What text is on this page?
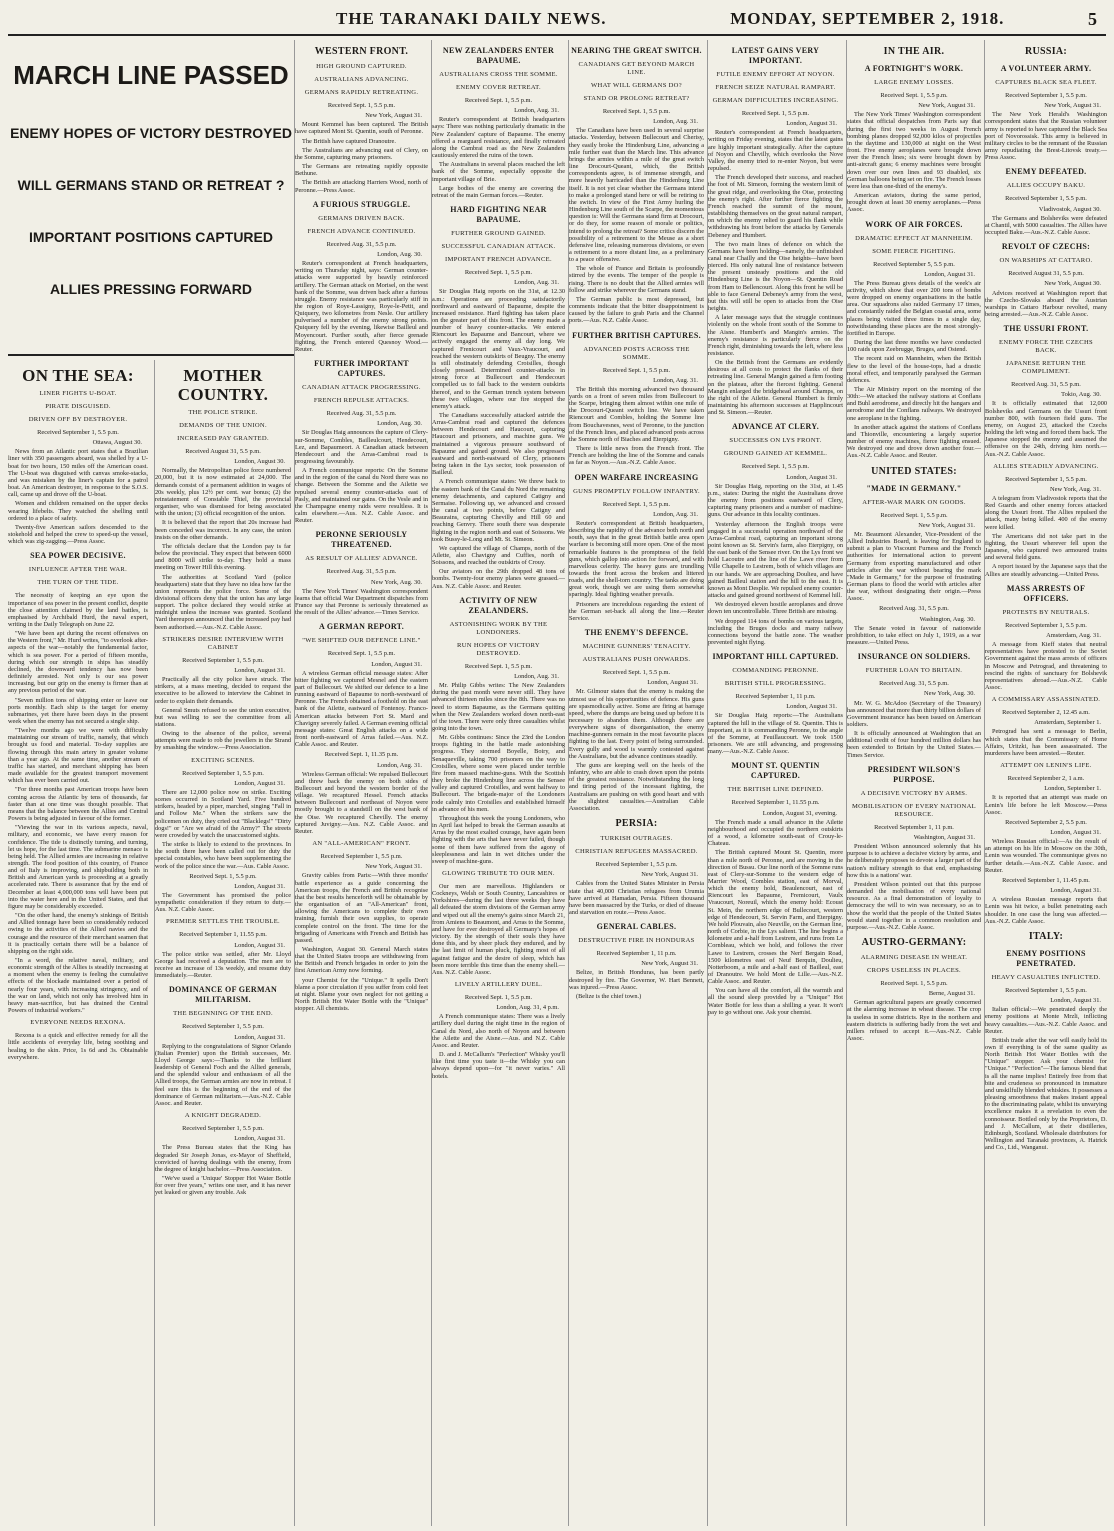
THE TARANAKI DAILY NEWS.	MONDAY, SEPTEMBER 2, 1918.	5
MARCH LINE PASSED
ENEMY HOPES OF VICTORY DESTROYED
WILL GERMANS STAND OR RETREAT ?
IMPORTANT POSITIONS CAPTURED
ALLIES PRESSING FORWARD
ON THE SEA:
LINER FIGHTS U-BOAT.
PIRATE DISGUISED.
DRIVEN OFF BY DESTROYER.
Received September 1, 5.5 p.m.
Ottawa, August 30.

News from an Atlantic port states that a Brazilian liner with 350 passengers aboard, was shelled by a U-boat for two hours, 150 miles off the American coast. The U-boat was disguised with canvas smoke-stacks, and was mistaken by the liner's captain for a patrol boat. An American destroyer, in response to the S.O.S. call, came up and drove off the U-boat.

Women and children remained on the upper decks wearing lifebelts. They watched the shelling until ordered to a place of safety.

Twenty-five American sailors descended to the stokehold and helped the crew to speed-up the vessel, which was zig-zagging.—Press Assoc.

SEA POWER DECISIVE.
INFLUENCE AFTER THE WAR.
THE TURN OF THE TIDE.

The necessity of keeping an eye upon the importance of sea power in the present conflict, despite the close attention claimed by the land battles, is emphasised by Archibald Hurd, the naval expert, writing in the Daily Telegraph on June 22.

"We have been apt during the recent offensives on the Western front," Mr. Hurd writes, "to overlook after-aspects of the war—notably the fundamental factor, which is sea power. For a period of fifteen months, during which our strength in ships has steadily declined, the downward tendency has now been definitely arrested. Not only is our sea power increasing, but our grip on the enemy is firmer than at any previous period of the war.

"Seven million tons of shipping enter or leave our ports monthly. Each ship is the target for enemy submarines, yet there have been days in the present week when the enemy has not secured a single ship.

"Twelve months ago we were with difficulty maintaining our stream of traffic, namely, that which brought us food and material. To-day supplies are flowing through this main artery in greater volume than a year ago. At the same time, another stream of traffic has started, and merchant shipping has been made available for the greatest transport movement which has ever been carried out.

"For three months past American troops have been coming across the Atlantic by tens of thousands, far faster than at one time was thought possible. That means that the balance between the Allies and Central Powers is being adjusted in favour of the former.

"Viewing the war in its various aspects, naval, military, and economic, we have every reason for confidence. The tide is distinctly turning, and turning, let us hope, for the last time. The submarine menace is being held. The Allied armies are increasing in relative strength. The food position of this country, of France and of Italy is improving, and shipbuilding both in British and American yards is proceeding at a greatly accelerated rate. There is assurance that by the end of December at least 4,000,000 tons will have been put into the water here and in the United States, and that figure may be considerably exceeded.

"On the other hand, the enemy's sinkings of British and Allied tonnage have been so considerably reduced owing to the activities of the Allied navies and the courage and the resource of their merchant seamen that it is practically certain there will be a balance of shipping on the right side.

"In a word, the relative naval, military, and economic strength of the Allies is steadily increasing at a moment when the enemy is feeling the cumulative effects of the blockade maintained over a period of nearly four years, with increasing stringency, and of the war on land, which not only has involved him in heavy man-sacrifice, but has drained the Central Powers of industrial workers."

EVERYONE NEEDS REXONA.

Rexona is a quick and effective remedy for all the little accidents of everyday life, being soothing and healing to the skin. Price, 1s 6d and 3s. Obtainable everywhere.

MOTHER COUNTRY.
THE POLICE STRIKE.
DEMANDS OF THE UNION.
INCREASED PAY GRANTED.
Received August 31, 5.5 p.m.
London, August 30.

Normally, the Metropolitan police force numbered 20,000, but it is now estimated at 24,000. The demands consist of a permanent addition in wages of 20s weekly, plus 12½ per cent. war bonus; (2) the reinstatement of Constable Thiel, the provincial organiser, who was dismissed for being associated with the union; (3) official recognition of the union.

It is believed that the report that 20s increase had been conceded was incorrect. In any case, the union insists on the other demands.

The officials declare that the London pay is far below the provincial. They expect that between 6000 and 8000 will strike to-day. They hold a mass meeting on Tower Hill this evening.

The authorities at Scotland Yard (police headquarters) state that they have no idea how far the union represents the police force. Some of the divisional officers deny that the union has any large support. The police declared they would strike at midnight unless the increase was granted. Scotland Yard thereupon announced that the increased pay had been authorised.—Aus.-N.Z. Cable Assoc.

STRIKERS DESIRE INTERVIEW WITH CABINET
Received September 1, 5.5 p.m.
London, August 31.

Practically all the city police have struck. The strikers, at a mass meeting, decided to request the executive to be allowed to interview the Cabinet in order to explain their demands.

General Smuts refused to see the union executive, but was willing to see the committee from all stations.

Owing to the absence of the police, several attempts were made to rob the jewellers in the Strand by smashing the window.—Press Association.

EXCITING SCENES.
Received September 1, 5.5 p.m.
London, August 31.

There are 12,000 police now on strike. Exciting scenes occurred in Scotland Yard. Five hundred strikers, headed by a piper, marched, singing "Fall in and Follow Me." When the strikers saw the policemen on duty, they cried out "Blacklegs!" "Dirty dogs!" or "Are we afraid of the Army?" The streets were crowded by watch the unaccustomed sights.

The strike is likely to extend to the provinces. In the south there have been called out for duty the special constables, who have been supplementing the work of the police since the war.—Aus. Cable Assoc.

Received Sept. 1, 5.5 p.m.
London, August 31.

The Government has promised the police sympathetic consideration if they return to duty.—Aus. N.Z. Cable Assoc.

PREMIER SETTLES THE TROUBLE.
Received September 1, 11.55 p.m.
London, August 31.

The police strike was settled, after Mr. Lloyd George had received a deputation. The men are to receive an increase of 13s weekly, and resume duty immediately.—Reuter.

DOMINANCE OF GERMAN MILITARISM.
THE BEGINNING OF THE END.
Received September 1, 5.5 p.m.
London, August 31.

Replying to the congratulations of Signor Orlando (Italian Premier) upon the British successes, Mr. Lloyd George says:—Thanks to the brilliant leadership of General Foch and the Allied generals, and the splendid valour and enthusiasm of all the Allied troops, the German armies are now in retreat. I feel sure this is the beginning of the end of the dominance of German militarism.—Aus.-N.Z. Cable Assoc. and Reuter.

A KNIGHT DEGRADED.
Received September 1, 5.5 p.m.
London, August 31.

The Press Bureau states that the King has degraded Sir Joseph Jonas, ex-Mayor of Sheffield, convicted of having dealings with the enemy, from the degree of knight bachelor.—Press Association.

"We've used a 'Unique' Stopper Hot Water Bottle for over five years," writes one user, and it has never yet leaked or given any trouble. Ask

WESTERN FRONT.
HIGH GROUND CAPTURED.
AUSTRALIANS ADVANCING.
GERMANS RAPIDLY RETREATING.
Received Sept. 1, 5.5 p.m.
New York, August 31.

Mount Kemmel has been captured. The British have captured Mont St. Quentin, south of Peronne.

The British have captured Dranoutre.

The Australians are advancing east of Clery, on the Somme, capturing many prisoners.

The Germans are retreating rapidly opposite Bethune.

The British are attacking Harriers Wood, north of Peronne.—Press Assoc.

A FURIOUS STRUGGLE.
GERMANS DRIVEN BACK.
FRENCH ADVANCE CONTINUED.
Received Aug. 31, 5.5 p.m.
London, Aug. 30.

Reuter's correspondent at French headquarters, writing on Thursday night, says: German counter-attacks were supported by heavily reinforced artillery. The German attack on Morisel, on the west bank of the Somme, was driven back after a furious struggle. Enemy resistance was particularly stiff in the region of Roye-Lassigny, Roye-le-Petit, and Quiquery, two kilometres from Nesle. Our artillery pulverised a number of the enemy strong points. Quiquery fell by the evening, likewise Bailleul and Moyencourt. Further south, after fierce grenade fighting, the French entered Quesnoy Wood.—Reuter.

FURTHER IMPORTANT CAPTURES.
CANADIAN ATTACK PROGRESSING.
FRENCH REPULSE ATTACKS.
Received Aug. 31, 5.5 p.m.
London, Aug. 30.

Sir Douglas Haig announces the capture of Clery-sur-Somme, Combles, Bailleulcourt, Hendecourt, Lez, and Bapaumeort. A Canadian attack between Hendecourt and the Arras-Cambrai road is progressing favourably.

A French communique reports: On the Somme and in the region of the canal du Nord there was no change. Between the Somme and the Ailette we repulsed several enemy counter-attacks east of Pasly, and maintained our gains. On the Vesle and in the Champagne enemy raids were resultless. It is calm elsewhere.—Aus. N.Z. Cable Assoc. and Reuter.

PERONNE SERIOUSLY THREATENED.
AS RESULT OF ALLIES' ADVANCE.
Received Aug. 31, 5.5 p.m.
New York, Aug. 30.

The New York Times' Washington correspondent learns that official War Department dispatches from France say that Peronne is seriously threatened as the result of the Allies' advance.—Times Service.

A GERMAN REPORT.
"WE SHIFTED OUR DEFENCE LINE."
Received Sept. 1, 5.5 p.m.
London, August 31.

A wireless German official message states: After bitter fighting we captured Mesnel and the eastern part of Bullecourt. We shifted our defence to a line running eastward of Bapaume to north-westward of Peronne. The French obtained a foothold on the east bank of the Ailette, eastward of Fontenoy. Franco-American attacks between Fort St. Mard and Chavigny severely failed. A German evening official message states: Great English attacks on a wide front north-eastward of Arras failed.—Aus. N.Z. Cable Assoc. and Reuter.

Received Sept. 1, 11.35 p.m.
London, Aug. 31.

Wireless German official: We repulsed Bullecourt and threw back the enemy on both sides of Bullecourt and beyond the western border of the village. We recaptured Hessel. French attacks between Bullecourt and northeast of Noyon were mostly brought to a standstill on the west bank of the Oise. We recaptured Chevilly. The enemy captured Juvigny.—Aus. N.Z. Cable Assoc. and Reuter.

AN "ALL-AMERICAN" FRONT.
Received September 1, 5.5 p.m.
New York, August 31.

Gravity cables from Paris:—With three months' battle experience as a guide concerning the American troops, the French and British recognise that the best results henceforth will be obtainable by the organisation of an "All-American" front, allowing the Americans to complete their own training, furnish their own supplies, to operate complete control on the front. The time for the brigading of Americans with French and British has passed.

Washington, August 30. General March states that the United States troops are withdrawing from the British and French brigades in order to join the first American Army now forming.

your Chemist for the "Unique." It spells Don't blame a poor circulation if you suffer from cold feet at night. Blame your own neglect for not getting a North British Hot Water Bottle with the "Unique" stopper. All chemists.

NEW ZEALANDERS ENTER BAPAUME.
AUSTRALIANS CROSS THE SOMME.
ENEMY COVER RETREAT.
Received Sept. 1, 5.5 p.m.
London, Aug. 31.

Reuter's correspondent at British headquarters says: There was nothing particularly dramatic in the New Zealanders' capture of Bapaume. The enemy offered a rearguard resistance, and finally retreated along the Cambrai road as the New Zealanders cautiously entered the ruins of the town.

The Australians in several places reached the left bank of the Somme, especially opposite the important village of Brie.

Large bodies of the enemy are covering the retreat of the main German forces.—Reuter.

HARD FIGHTING NEAR BAPAUME.
FURTHER GROUND GAINED.
SUCCESSFUL CANADIAN ATTACK.
IMPORTANT FRENCH ADVANCE.
Received Sept. 1, 5.5 p.m.
London, Aug. 31.

Sir Douglas Haig reports on the 31st, at 12.30 a.m.: Operations are proceeding satisfactorily northward and eastward of Bapaume, despite the increased resistance. Hard fighting has taken place on the greater part of this front. The enemy made a number of heavy counter-attacks. We entered Riencourt les Bapaume and Bancourt, where we actively engaged the enemy all day long. We captured Frenicourt and Vaux-Vraucourt, and reached the western outskirts of Beugny. The enemy is still obstinately defending Croisilles, though closely pressed. Determined counter-attacks in strong force at Bullecourt and Hendecourt compelled us to fall back to the western outskirts thereof, and to the German trench system between these two villages, where our fire stopped the enemy's attack.

The Canadians successfully attacked astride the Arras-Cambrai road and captured the defences between Hendecourt and Haucourt, capturing Haucourt and prisoners, and machine guns. We maintained a vigorous pressure southward of Bapaume and gained ground. We also progressed eastward and north-eastward of Clery, prisoners being taken in the Lys sector, took possession of Bailleul.

A French communique states: We threw back to the eastern bank of the Canal du Nord the remaining enemy detachments, and captured Catigny and Sermaise. Following up, we advanced and crossed the canal at two points, before Catigny and Beaurains, capturing Chevilly and Hill 60 and reaching Genvry. There south there was desperate fighting in the region north and east of Soissons. We took Bussy-le-Long and Mt. St. Simeon.

We captured the village of Champs, north of the Ailette, also Chavigny and Cuffies, north of Soissons, and reached the outskirts of Crouy.

Our aviators on the 29th dropped 48 tons of bombs. Twenty-four enemy planes were grassed.—Aus. N.Z. Cable Assoc. and Reuter.

ACTIVITY OF NEW ZEALANDERS.
ASTONISHING WORK BY THE LONDONERS.
RUN HOPES OF VICTORY DESTROYED.
Received Sept. 1, 5.5 p.m.
London, Aug. 31.

Mr. Philip Gibbs writes: The New Zealanders during the past month were never still. They have advanced thirteen miles since the 8th. There was no need to storm Bapaume, as the Germans quitting when the New Zealanders worked down north-east of the town. There were only three casualties whilst going into the town.

Mr. Gibbs continues: Since the 23rd the London troops fighting in the battle made astonishing progress. They stormed Boyelle, Boiry, and Senaqueville, taking 700 prisoners on the way to Croisilles, where some were placed under terrible fire from massed machine-guns. With the Scottish they broke the Hindenburg line across the Sensee valley and captured Croisilles, and went halfway to Bullecourt. The brigade-major of the Londoners rode calmly into Croisilles and established himself in advance of his men.

Throughout this week the young Londoners, who in April last helped to break the German assaults at Arras by the most exalted courage, have again been fighting with the arts that have never failed, though some of them have suffered from the agony of sleeplessness and lain in wet ditches under the sweep of machine-guns.

GLOWING TRIBUTE TO OUR MEN.

Our men are marvellous. Highlanders or Cockneys, Welsh or South Country, Lancashires or Yorkshires—during the last three weeks they have all defeated the storm divisions of the German army and wiped out all the enemy's gains since March 21, from Amiens to Beaumont, and Arras to the Somme, and have for ever destroyed all Germany's hopes of victory. By the strength of their souls they have done this, and by sheer pluck they endured, and by the last limit of human pluck, fighting most of all against fatigue and the desire of sleep, which has been more terrible this time than the enemy shell.—Aus. N.Z. Cable Assoc.

LIVELY ARTILLERY DUEL.
Received Sept. 1, 5.5 p.m.
London, Aug. 31, 4 p.m.

A French communique states: There was a lively artillery duel during the night time in the region of Canal du Nord, also north of Noyon and between the Ailette and the Aisne.—Aus. and N.Z. Cable Assoc. and Reuter.

D. and J. McCallum's "Perfection" Whisky you'll like first time you taste it—the Whisky you can always depend upon—for "it never varies." All hotels.

NEARING THE GREAT SWITCH.
CANADIANS GET BEYOND MARCH LINE.
WHAT WILL GERMANS DO?
STAND OR PROLONG RETREAT?
Received Sept. 1, 5.5 p.m.
London, Aug. 31.

The Canadians have been used in several surprise attacks. Yesterday, between Bullecourt and Cherisy, they easily broke the Hindenburg Line, advancing a mile further east than the March line. This advance brings the armies within a mile of the great switch line Drocourt-Queant, which, the British correspondents agree, is of immense strength, and more heavily barricaded than the Hindenburg Line itself. It is not yet clear whether the Germans intend to make a prolonged stand here or will be retiring to the switch. In view of the First Army hurling the Hindenburg Line south of the Scarpe, the momentous question is: Will the Germans stand firm at Drocourt, or do they, for some reason of morale or politics, intend to prolong the retreat? Some critics discern the possibility of a retirement to the Meuse as a short defensive line, releasing numerous divisions, or even a retirement to a more distant line, as a preliminary to a peace offensive.

The whole of France and Britain is profoundly stirred by the events. The temper of the people is rising. There is no doubt that the Allied armies will follow and strike wherever the Germans stand.

The German public is most depressed, but comments indicate that the bitter disappointment is caused by the failure to grab Paris and the Channel ports.—Aus. N.Z. Cable Assoc.

FURTHER BRITISH CAPTURES.
ADVANCED POSTS ACROSS THE SOMME.
Received Sept. 1, 5.5 p.m.
London, Aug. 31.

The British this morning advanced two thousand yards on a front of seven miles from Bullecourt to the Scarpe, bringing them almost within one mile of the Drocourt-Queant switch line. We have taken Riencourt and Combles, holding the Somme line from Bouchavesnes, west of Peronne, to the junction of the French lines, and placed advanced posts across the Somme north of Biaches and Eterpigny.

There is little news from the French front. The French are holding the line of the Somme and canals as far as Noyon.—Aus.-N.Z. Cable Assoc.

OPEN WARFARE INCREASING
GUNS PROMPTLY FOLLOW INFANTRY.
Received Sept. 1, 5.5 p.m.
London, Aug. 31.

Reuter's correspondent at British headquarters, describing the rapidity of the advance both north and south, says that in the great British battle area open warfare is becoming still more open. One of the most remarkable features is the promptness of the field guns, which gallop into action for forward, and with marvellous celerity. The heavy guns are trundling towards the front across the broken and littered roads, and the shell-torn country. The tanks are doing great work, though we are using them somewhat sparingly. Ideal fighting weather prevails.

Prisoners are incredulous regarding the extent of the German set-back all along the line.—Reuter Service.

THE ENEMY'S DEFENCE.
MACHINE GUNNERS' TENACITY.
AUSTRALIANS PUSH ONWARDS.
Received Sept. 1, 5.5 p.m.
London, August 31.

Mr. Gilmour states that the enemy is making the utmost use of his opportunities of defence. His guns are spasmodically active. Some are firing at barrage speed, where the dumps are being used up before it is necessary to abandon them. Although there are everywhere signs of disorganisation, the enemy machine-gunners remain in the most favourite places fighting to the last. Every point of being surrounded. Every gully and wood is warmly contested against the Australians, but the advance continues steadily.

The guns are keeping well on the heels of the infantry, who are able to crash down upon the points of the greatest resistance. Notwithstanding the long and tiring period of the incessant fighting, the Australians are pushing on with good heart and with the slightest casualties.—Australian Cable Association.

PERSIA:
TURKISH OUTRAGES.
CHRISTIAN REFUGEES MASSACRED.
Received September 1, 5.5 p.m.
New York, August 31.

Cables from the United States Minister in Persia state that 40,000 Christian refugees from Urumia have arrived at Hamadan, Persia. Fifteen thousand have been massacred by the Turks, or died of disease and starvation en route.—Press Assoc.

GENERAL CABLES.
DESTRUCTIVE FIRE IN HONDURAS
Received September 1, 11 p.m.
New York, August 31.

Belize, in British Honduras, has been partly destroyed by fire. The Governor, W. Hart Bennett, was injured.—Press Assoc.

(Belize is the chief town.)

LATEST GAINS VERY IMPORTANT.
FUTILE ENEMY EFFORT AT NOYON.
FRENCH SEIZE NATURAL RAMPART.
GERMAN DIFFICULTIES INCREASING.
Received Sept. 1, 5.5 p.m.
London, August 31.

Reuter's correspondent at French headquarters, writing on Friday evening, states that the latest gains are highly important strategically. After the capture of Noyon and Chevilly, which overlooks the Nove Valley, the enemy tried to re-enter Noyon, but were repulsed.

The French developed their success, and reached the foot of Mt. Simeon, forming the western limit of the great ridge, and overlooking the Oise, protecting the enemy's right. After further fierce fighting the French reached the summit of the mount, establishing themselves on the great natural rampart, on which the enemy relied to guard his flank while withdrawing his front before the attacks by Generals Debeney and Humbert.

The two main lines of defence on which the Germans have been holding—namely, the unfinished canal near Chailly and the Oise heights—have been pierced. His only natural line of resistance between the present unsteady positions and the old Hindenburg Line is the Noyon—St. Quentin Road from Ham to Bellencourt. Along this front he will be able to face General Debeney's army from the west, but this will still be open to attacks from the Oise heights.

A later message says that the struggle continues violently on the whole front south of the Somme to the Aisne. Humbert's and Mangin's armies. The enemy's resistance is particularly fierce on the French right, diminishing towards the left, where less resistance.

On the British front the Germans are evidently desirous at all costs to protect the flanks of their retreating line. General Mangin gained a firm footing on the plateau, after the fiercest fighting. General Mangin enlarged the bridgehead around Champs, on the right of the Ailette. General Humbert is firmly maintaining his afternoon successes at Happlincourt and St. Simeon.—Reuter.

ADVANCE AT CLERY.
SUCCESSES ON LYS FRONT.
GROUND GAINED AT KEMMEL.
Received Sept. 1, 5.5 p.m.
London, August 31.

Sir Douglas Haig, reporting on the 31st, at 1.45 p.m., states: During the night the Australians drove the enemy from positions eastward of Clery, capturing many prisoners and a number of machine-guns. Our advance in this locality continues.

Yesterday afternoon the English troops were engaged in a successful operation northward of the Arras-Cambrai road, capturing an important strong point known as St. Servin's farm, also Eterpigny, on the east bank of the Sensee river. On the Lys front we hold Lacoutre and the line of the Lawe river from Ville Chapelle to Lestrem, both of which villages are in our hands. We are approaching Doulieu, and have gained Bailleul station and the hill to the east. It is known as Mont Desplie. We repulsed enemy counter-attacks and gained ground northwest of Kemmel hill.

We destroyed eleven hostile aeroplanes and drove down ten uncontrollable. Three British are missing.

We dropped 114 tons of bombs on various targets, including the Bruges docks and many railway connections beyond the battle zone. The weather prevented night flying.

IMPORTANT HILL CAPTURED.
COMMANDING PERONNE.
BRITISH STILL PROGRESSING.
Received September 1, 11 p.m.
London, August 31.

Sir Douglas Haig reports:—The Australians captured the hill in the village of St. Quentin. This is important, as it is commanding Peronne, to the angle of the Somme, at Feuillaucourt. We took 1500 prisoners. We are still advancing, and progressing many.—Aus.-N.Z. Cable Assoc.

MOUNT ST. QUENTIN CAPTURED.
THE BRITISH LINE DEFINED.
Received September 1, 11.55 p.m.
London, August 31, evening.

The French made a small advance in the Ailette neighbourhood and occupied the northern outskirts of a wood, a kilometre south-east of Crouy-le-Chateau.

The British captured Mount St. Quentin, more than a mile north of Peronne, and are moving in the direction of Bussu. Our line north of the Somme runs east of Clery-sur-Somme to the western edge of Marrier Wood, Combles station, east of Morval, which the enemy hold, Beaulencourt, east of Riencourt les Bapaume, Fremicourt, Vaulx Vraucourt, Noreuil, which the enemy hold: Ecoust St. Mein, the northern edge of Bullecourt, western edge of Hendecourt, St. Servin Farm, and Eterpigny. We hold Plouvain, also Neuville, on the German line, north of Corbie, in the Lys salient. The line begins a kilometre and a-half from Lestrem, and runs from Le Cornbleau, which we hold, and follows the river Lawe to Lestrem, crosses the Nerf Bergain Road, 1500 kilometres east of Neuf Berquin, Doulieu, Notterboom, a mile and a-half east of Bailleul, east of Dranoutre. We hold Mont de Lille.—Aus.-N.Z. Cable Assoc. and Reuter.

You can have all the comfort, all the warmth and all the sound sleep provided by a "Unique" Hot Water Bottle for less than a shilling a year. It won't pay to go without one. Ask your chemist.

IN THE AIR.
A FORTNIGHT'S WORK.
LARGE ENEMY LOSSES.
Received Sept. 1, 5.5 p.m.
New York, August 31.

The New York Times' Washington correspondent states that official despatches from Paris say that during the first two weeks in August French bombing planes dropped 92,000 kilos of projectiles in the daytime and 130,000 at night on the West front. Five enemy aeroplanes were brought down over the French lines; six were brought down by anti-aircraft guns; 6 enemy machines were brought down over our own lines and 93 disabled, six German balloons being set on fire. The French losses were less than one-third of the enemy's.

American aviators, during the same period, brought down at least 30 enemy aeroplanes.—Press Assoc.

WORK OF AIR FORCES.
DRAMATIC EFFECT AT MANNHEIM.
SOME FIERCE FIGHTING.
Received September 5, 5.5 p.m.
London, August 31.

The Press Bureau gives details of the week's air activity, which show that over 200 tons of bombs were dropped on enemy organisations in the battle area. Our squadrons also raided Germany 17 times, and constantly raided the Belgian coastal area, some places being visited three times in a single day, notwithstanding these places are the most strongly-fortified in Europe.

During the last three months we have conducted 100 raids upon Zeebrugge, Bruges, and Ostend.

The recent raid on Mannheim, when the British flew to the level of the house-tops, had a drastic moral effect, and temporarily paralysed the German defences.

The Air Ministry report on the morning of the 30th:—We attacked the railway stations at Conflans and Buhl aerodrome, and directly hit the hangars and aerodrome and the Conflans railways. We destroyed one aeroplane in the fighting.

In another attack against the stations of Conflans and Thionville, encountering a largely superior number of enemy machines, fierce fighting ensued. We destroyed one and drove down another four.—Aus.-N.Z. Cable Assoc. and Reuter.

UNITED STATES:
"MADE IN GERMANY."
AFTER-WAR MARK ON GOODS.
Received Sept. 1, 5.5 p.m.
New York, August 31.

Mr. Beaumont Alexander, Vice-President of the Allied Industries Board, is leaving for England to submit a plan to Viscount Furness and the French authorities for international action to prevent Germany from exporting manufactured and other articles after the war without bearing the mark "Made in Germany," for the purpose of frustrating German plans to flood the world with articles after the war, without designating their origin.—Press Assoc.

Received Aug. 31, 5.5 p.m.
Washington, Aug. 30.

The Senate voted in favour of nationwide prohibition, to take effect on July 1, 1919, as a war measure.—United Press.

INSURANCE ON SOLDIERS.
FURTHER LOAN TO BRITAIN.
Received Aug. 31, 5.5 p.m.
New York, Aug. 30.

Mr. W. G. McAdoo (Secretary of the Treasury) has announced that more than thirty billion dollars of Government insurance has been issued on American soldiers.

It is officially announced at Washington that an additional credit of four hundred million dollars has been extended to Britain by the United States.—Times Service.

PRESIDENT WILSON'S PURPOSE.
A DECISIVE VICTORY BY ARMS.
MOBILISATION OF EVERY NATIONAL RESOURCE.
Received September 1, 11 p.m.
Washington, August 31.

President Wilson announced solemnly that his purpose is to achieve a decisive victory by arms, and he deliberately proposes to devote a larger part of the nation's military strength to that end, emphasising how this is a nations' war.

President Wilson pointed out that this purpose demanded the mobilisation of every national resource. As a final demonstration of loyalty to democracy the will to win was necessary, so as to show the world that the people of the United States would stand together in a common resolution and purpose.—Aus.-N.Z. Cable Assoc.

AUSTRO-GERMANY:
ALARMING DISEASE IN WHEAT.
CROPS USELESS IN PLACES.
Received Sept. 1, 5.5 p.m.
Berne, August 31.

German agricultural papers are greatly concerned at the alarming increase in wheat disease. The crop is useless in some districts. Rye in the northern and eastern districts is suffering badly from the wet and millers refused to accept it.—Aus.-N.Z. Cable Assoc.

RUSSIA:
A VOLUNTEER ARMY.
CAPTURES BLACK SEA FLEET.
Received September 1, 5.5 p.m.
New York, August 31.

The New York Herald's Washington correspondent states that the Russian volunteer army is reported to have captured the Black Sea port of Novorossisk. This army is believed in military circles to be the remnant of the Russian army repudiating the Brest-Litovsk treaty.—Press Assoc.

ENEMY DEFEATED.
ALLIES OCCUPY BAKU.
Received September 1, 5.5 p.m.
Vladivostok, August 30.

The Germans and Bolsheviks were defeated at Chantil, with 5000 casualties. The Allies have occupied Baku.—Aus.-N.Z. Cable Assoc.

REVOLT OF CZECHS:
ON WARSHIPS AT CATTARO.
Received August 31, 5.5 p.m.
New York, August 30.

Advices received at Washington report that the Czecho-Slovaks aboard the Austrian warships in Cattaro Harbour revolted, many being arrested.—Aus.-N.Z. Cable Assoc.

THE USSURI FRONT.
ENEMY FORCE THE CZECHS BACK.
JAPANESE RETURN THE COMPLIMENT.
Received Aug. 31, 5.5 p.m.
Tokio, Aug. 30.

It is officially estimated that 12,000 Bolsheviks and Germans on the Ussuri front number 800, with fourteen field guns. The enemy, on August 23, attacked the Czechs holding the left wing and forced them back. The Japanese stopped the enemy and assumed the offensive on the 24th, driving him north.—Aus.-N.Z. Cable Assoc.

ALLIES STEADILY ADVANCING.
Received September 1, 5.5 p.m.
New York, Aug. 31.

A telegram from Vladivostok reports that the Red Guards and other enemy forces attacked along the Ussuri front. The Allies repulsed the attack, many being killed. 400 of the enemy were killed.

The Americans did not take part in the fighting, the Ussuri wherever fell upon the Japanese, who captured two armoured trains and several field guns.

A report issued by the Japanese says that the Allies are steadily advancing.—United Press.

MASS ARRESTS OF OFFICERS.
PROTESTS BY NEUTRALS.
Received September 1, 5.5 p.m.
Amsterdam, Aug. 31.

A message from Kieff states that neutral representatives have protested to the Soviet Government against the mass arrests of officers in Moscow and Petrograd, and threatening to rescind the rights of sanctuary for Bolshevik representatives abroad.—Aus.-N.Z. Cable Assoc.

A COMMISSARY ASSASSINATED.
Received September 2, 12.45 a.m.
Amsterdam, September 1.

Petrograd has sent a message to Berlin, which states that the Commissary of Home Affairs, Uritzki, has been assassinated. The murderers have been arrested.—Reuter.

ATTEMPT ON LENIN'S LIFE.
Received September 2, 1 a.m.
London, September 1.

It is reported that an attempt was made on Lenin's life before he left Moscow.—Press Assoc.

Received September 2, 5.5 p.m.
London, August 31.

Wireless Russian official:—As the result of an attempt on his life in Moscow on the 30th, Lenin was wounded. The communique gives no further details.—Aus.-N.Z. Cable Assoc. and Reuter.

Received September 1, 11.45 p.m.
London, August 31.

A wireless Russian message reports that Lenin was hit twice, a bullet penetrating each shoulder. In one case the lung was affected.—Aus.-N.Z. Cable Assoc.

ITALY:
ENEMY POSITIONS PENETRATED.
HEAVY CASUALTIES INFLICTED.
Received September 1, 5.5 p.m.
London, August 31.

Italian official:—We penetrated deeply the enemy positions at Monte Mrzli, inflicting heavy casualties.—Aus.-N.Z. Cable Assoc. and Reuter.

British trade after the war will easily hold its own if everything is of the same quality as North British Hot Water Bottles with the "Unique" stopper. Ask your chemist for "Unique." "Perfection"—The famous blend that is all the name implies! Entirely free from that bite and crudeness so pronounced in immature and unskilfully blended whiskies. It possesses a pleasing smoothness that makes instant appeal to the discriminating palate, whilst its unvarying excellence makes it a revelation to even the connoisseur. Bottled only by the Proprietors, D. and J. McCallum, at their distilleries, Edinburgh, Scotland. Wholesale distributors for Wellington and Taranaki provinces, A. Hatrick and Co., Ltd., Wanganui.
